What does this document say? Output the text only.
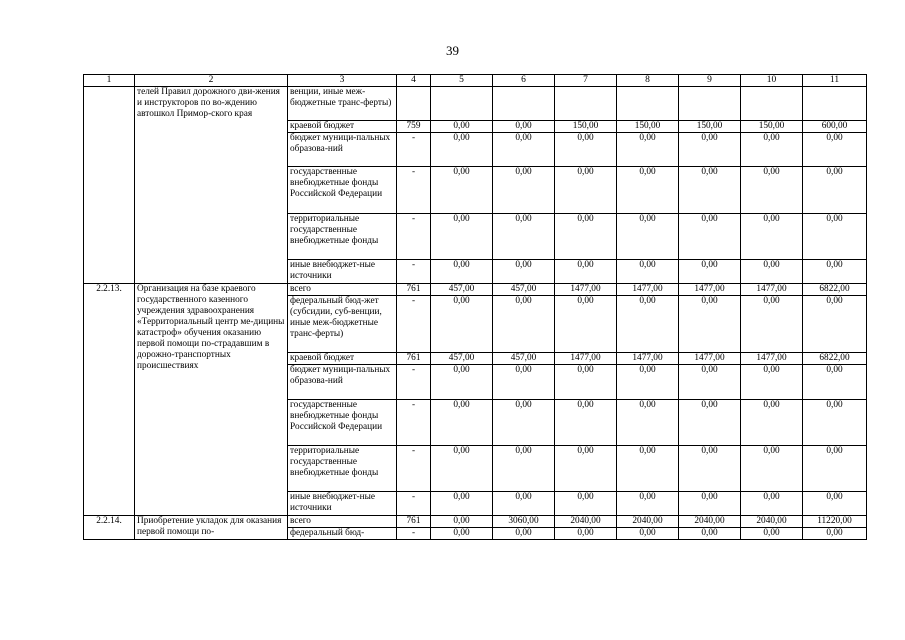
39
1	2	3	4	5	6	7	8	9	10	11
	телей Правил дорожного дви-жения и инструкторов по во-ждению автошкол Примор-ского края	венции, иные меж-бюджетные транс-ферты)								
		краевой бюджет	759	0,00	0,00	150,00	150,00	150,00	150,00	600,00
		бюджет муници-пальных образова-ний	-	0,00	0,00	0,00	0,00	0,00	0,00	0,00
		государственные внебюджетные фонды Российской Федерации	-	0,00	0,00	0,00	0,00	0,00	0,00	0,00
		территориальные государственные внебюджетные фонды	-	0,00	0,00	0,00	0,00	0,00	0,00	0,00
		иные внебюджет-ные источники	-	0,00	0,00	0,00	0,00	0,00	0,00	0,00
2.2.13.	Организация на базе краевого государственного казенного учреждения здравоохранения «Территориальный центр ме-дицины катастроф» обучения оказанию первой помощи по-страдавшим в дорожно-транспортных происшествиях	всего	761	457,00	457,00	1477,00	1477,00	1477,00	1477,00	6822,00
		федеральный бюд-жет (субсидии, суб-венции, иные меж-бюджетные транс-ферты)	-	0,00	0,00	0,00	0,00	0,00	0,00	0,00
		краевой бюджет	761	457,00	457,00	1477,00	1477,00	1477,00	1477,00	6822,00
		бюджет муници-пальных образова-ний	-	0,00	0,00	0,00	0,00	0,00	0,00	0,00
		государственные внебюджетные фонды Российской Федерации	-	0,00	0,00	0,00	0,00	0,00	0,00	0,00
		территориальные государственные внебюджетные фонды	-	0,00	0,00	0,00	0,00	0,00	0,00	0,00
		иные внебюджет-ные источники	-	0,00	0,00	0,00	0,00	0,00	0,00	0,00
2.2.14.	Приобретение укладок для оказания первой помощи по-	всего	761	0,00	3060,00	2040,00	2040,00	2040,00	2040,00	11220,00
		федеральный бюд-	-	0,00	0,00	0,00	0,00	0,00	0,00	0,00
